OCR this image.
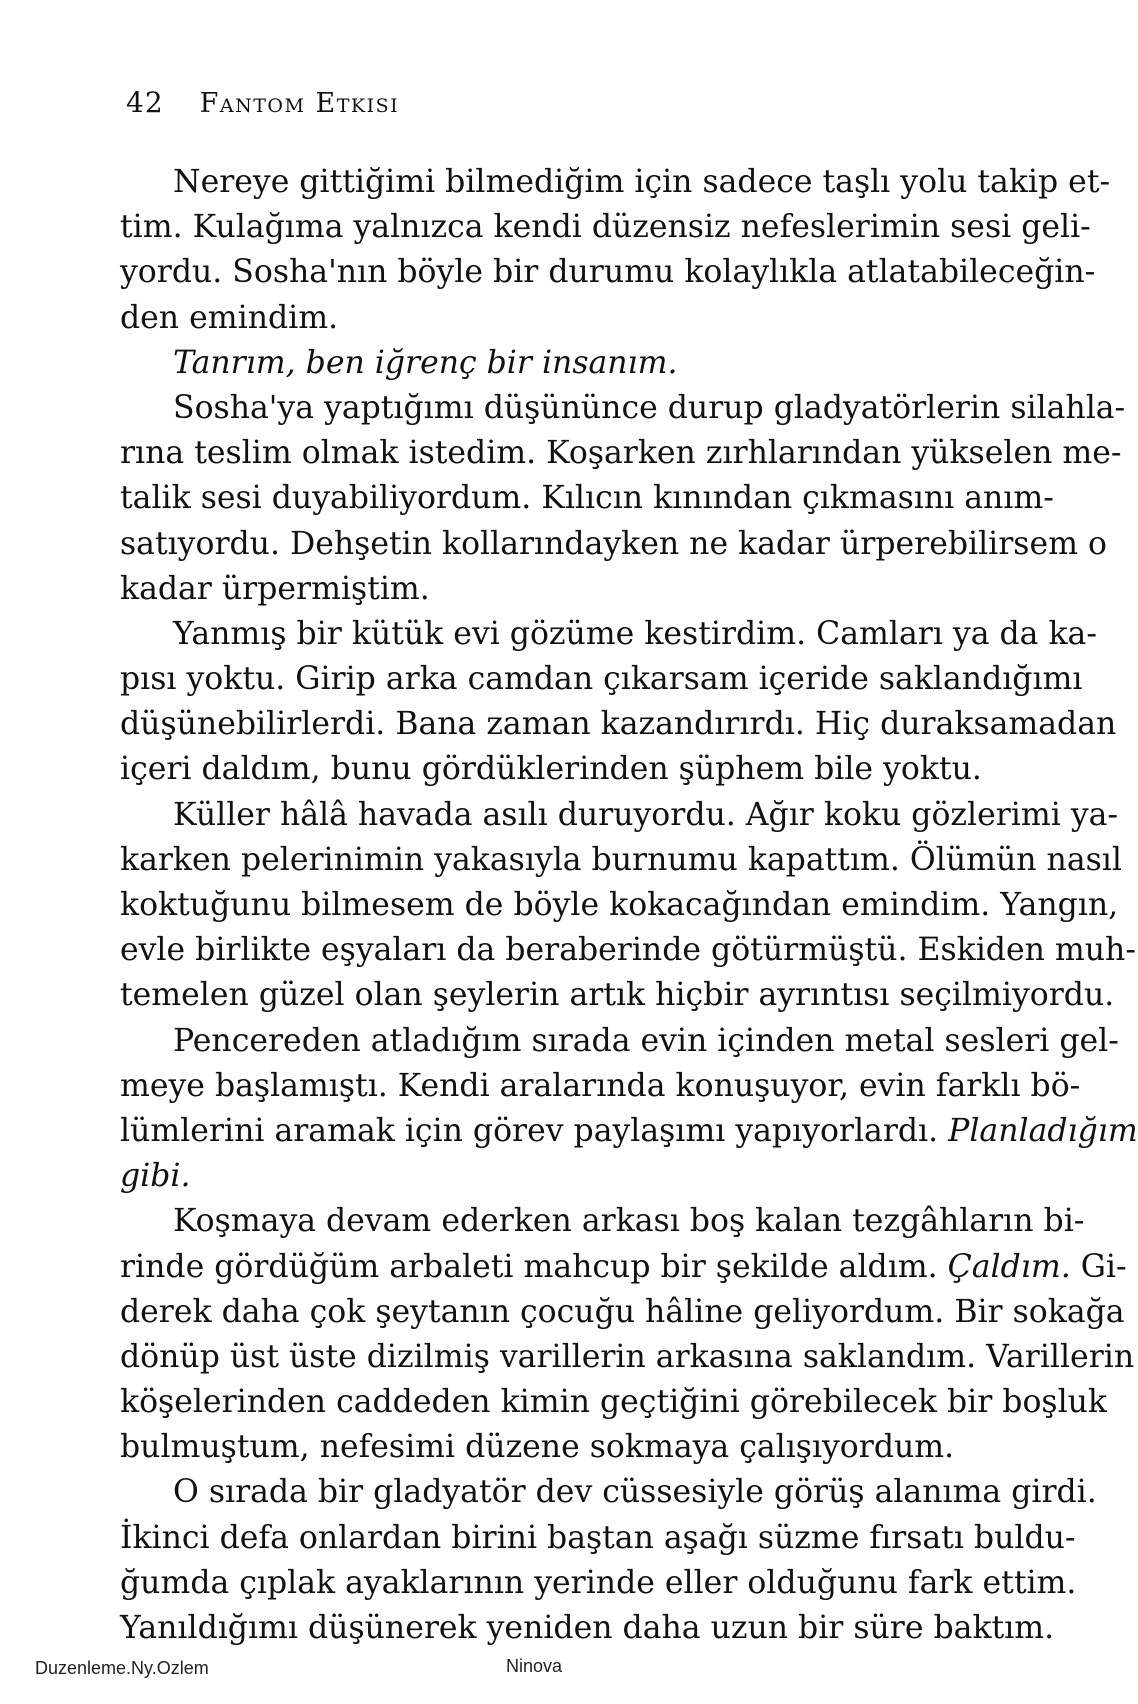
42 Fantom Etkisi
Nereye gittiğimi bilmediğim için sadece taşlı yolu takip et-
tim. Kulağıma yalnızca kendi düzensiz nefeslerimin sesi geli-
yordu. Sosha'nın böyle bir durumu kolaylıkla atlatabileceğin-
den emindim.
Tanrım, ben iğrenç bir insanım.
Sosha'ya yaptığımı düşününce durup gladyatörlerin silahla-
rına teslim olmak istedim. Koşarken zırhlarından yükselen me-
talik sesi duyabiliyordum. Kılıcın kınından çıkmasını anım-
satıyordu. Dehşetin kollarındayken ne kadar ürperebilirsem o
kadar ürpermiştim.
Yanmış bir kütük evi gözüme kestirdim. Camları ya da ka-
pısı yoktu. Girip arka camdan çıkarsam içeride saklandığımı
düşünebilirlerdi. Bana zaman kazandırırdı. Hiç duraksamadan
içeri daldım, bunu gördüklerinden şüphem bile yoktu.
Küller hâlâ havada asılı duruyordu. Ağır koku gözlerimi ya-
karken pelerinimin yakasıyla burnumu kapattım. Ölümün nasıl
koktuğunu bilmesem de böyle kokacağından emindim. Yangın,
evle birlikte eşyaları da beraberinde götürmüştü. Eskiden muh-
temelen güzel olan şeylerin artık hiçbir ayrıntısı seçilmiyordu.
Pencereden atladığım sırada evin içinden metal sesleri gel-
meye başlamıştı. Kendi aralarında konuşuyor, evin farklı bö-
lümlerini aramak için görev paylaşımı yapıyorlardı. Planladığım
gibi.
Koşmaya devam ederken arkası boş kalan tezgâhların bi-
rinde gördüğüm arbaleti mahcup bir şekilde aldım. Çaldım. Gi-
derek daha çok şeytanın çocuğu hâline geliyordum. Bir sokağa
dönüp üst üste dizilmiş varillerin arkasına saklandım. Varillerin
köşelerinden caddeden kimin geçtiğini görebilecek bir boşluk
bulmuştum, nefesimi düzene sokmaya çalışıyordum.
O sırada bir gladyatör dev cüssesiyle görüş alanıma girdi.
İkinci defa onlardan birini baştan aşağı süzme fırsatı buldu-
ğumda çıplak ayaklarının yerinde eller olduğunu fark ettim.
Yanıldığımı düşünerek yeniden daha uzun bir süre baktım.
Duzenleme.Ny.Ozlem	Ninova
